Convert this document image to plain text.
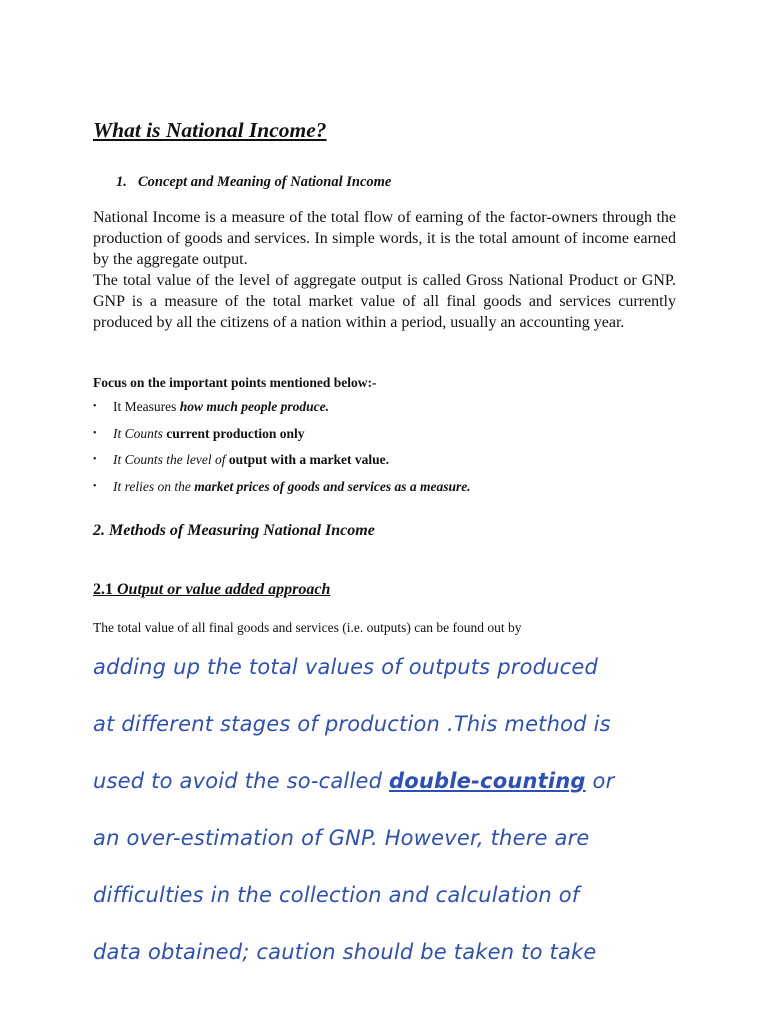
What is National Income?
1. Concept and Meaning of National Income

National Income is a measure of the total flow of earning of the factor-owners through the production of goods and services. In simple words, it is the total amount of income earned by the aggregate output.

The total value of the level of aggregate output is called Gross National Product or GNP. GNP is a measure of the total market value of all final goods and services currently produced by all the citizens of a nation within a period, usually an accounting year.

Focus on the important points mentioned below:-
• It Measures how much people produce.
• It Counts current production only
• It Counts the level of output with a market value.
• It relies on the market prices of goods and services as a measure.
2. Methods of Measuring National Income
2.1 Output or value added approach
The total value of all final goods and services (i.e. outputs) can be found out by
adding up the total values of outputs produced
at different stages of production .This method is
used to avoid the so-called double-counting or
an over-estimation of GNP. However, there are
difficulties in the collection and calculation of
data obtained; caution should be taken to take
